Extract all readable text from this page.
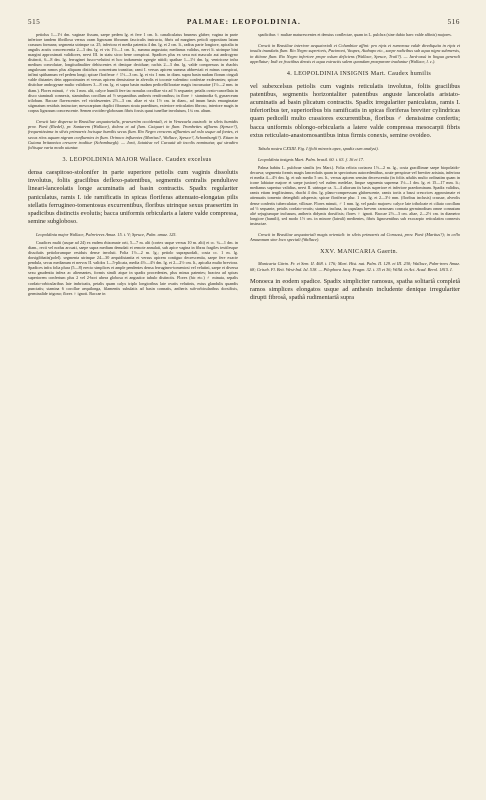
515	PALMAE: LEOPOLDINIA.	516

petiolus 1—1½ dm. vaginae fissum, saepe pedem lg. et fere 1 cm. lt. canaliculatus bruneus glaber; vagina in parte inferiore tandem fibrillosa versus oram lignosam fibrarum fasciculis instructa, fibris ad margines petioli oppositam latum crassum formans; segmenta utrinque ca. 25, inferiora et media patentia 4 dm. lg. et 2 cm. lt., radius parte longiore, apicalia in angulis acutis concrescentia 2—3 dm. lg. et vix 1½—1 cm. lt., summa angustata; medianus validus, nervi lt. utrinque bini margini approximati validiores, nervi III. in statu sicco bene conspicui. Spadices plus ex sexu not masculo aut androgyno distincti, 6—8 dm. lg. ferruginei fusco-velutini et hoc indumento egregie nitidi; spathae 1—1½ dm. lg. ventricose infra medium convolutae, longitudinaliter dehiscentes et denique deciduae; rachis 2—3 dm. lg. valde compressus in rhachis angulosum ramos plus aliquam distichos concentum transitus; rami I. versus apicem summa abbreviati et minus conspicui, infimi spithamum vel pedem longi; spicae floriferae ♂ 1½—3 cm. lg. et vix 1 mm. in diam. supra basin nudam florum cinguli valde distantes dein approximates et versus apicem densissime in alveolis et toconte valentino confertae exdevantes; spicae distichae androgynae multo validiores 3—8 cm. lg. et supra basin nudam pedicellifloratae magis incrassatae (1½—2 mm. in diam.). Flores minuti, ♂ vix 1 mm. alti, calyce humili fere tac nonulas corolliae vix ad ⅓ sequante; petalis ovato-cancellata in disco staminali connexis, staminibus corollam ad ½ sequantibus antheris renifromibus; in flore ♀ staminodia 6, gynaeceum trilobum. Baccae flavescentes vel virideszentes 2½—3 cm. altae et vix 1½ cm. in diam., ad imum basis emarginatae stigmatum residuis instructae; mesocarpium duplici fibrarum strata praeditum, exteriore reticulatim fibroso, interiore magis in corpus lignosum concrescente. Semen ovoideo-globosum fibris fossis quasi tunellae involutum, 1¼ cm. altum.

Crescit late dispersa in Brasiliae aequatorialis, praesertim occidentali, et in Venezuela australi: in silvis humidis prov. Pará (Riedel), pr. Santarem (Wallace), dolens et ad flum. Caiquari in flum. Trombettes affluens (Spruce?), frequentissima in silvis primaeris locisque humilis secus flum. Rio Negro crescens affluentes ad oslo usque ad fontes, et secus ritos aquam nigram confluentes in flum. Orinoco influentes (Martius?, Wallace, Spruce?, Schomburgk?). Etiam in Guiana britannica crescere traditur (Schomburgk). — Jará, Jatatúva vel Curuatá ab incolis nominatur, qui stradiro foliisque varia modo utuntur.

3. LEOPOLDINIA MAJOR Wallace. Caudex excelsus

densa caespitoso-stolonifer in parte superiore petiolis cum vaginis dissolutis involutus, foliis gracilibus deflexo-patentibus, segmentis centralis pendulisve lineari-lanceolatis longe acuminatis ad basin contractis. Spadix regulariter paniculatus, ramis I. ide ramificatis in spicas floriferas attenuato-elongatas pilis stellatis ferrugineo-tomentosus excurrentibus, floribus utrinque sexus praesertim in spadicibus distinctis evolutis; bacca uniformis orbicularis a latere valde compressa, semine subgloboso.

Leopoldinia major Wallace, Palm-trees Amaz. 15. t. V; Spruce, Palm. amaz. 125.

Caudices multi (usque ad 24) ex eadem rhizomate orti, 5—7 m. alti (cortex usque versus 10 m. alti) et cc. ¾—1 dm. in diam., recti vel nodus arcuati, saepe supra medium denudati et remote annulati, sub apice vagina in fibras fragiles textilesque dissolutis petiolorumque residuis dense involuti. Folia 1½—2 m. lg.; petiolo suprapsodali, costa cc. 1 m. lg. dorsigibbatis(polel). segmenta utrinque 24—30 aequidistantia et versus apicem contiguo decrescentia, saepe fere exacte pendula, secus medianum et nervos II. validos 1—5-plicata, media 4½—4½ dm. lg. et 2—2½ cm. lt., apicalia multo breviora. Spadices infra folia plura (5—8) erecto simplices et ample pendentes densa ferrugineo-tomentosi vel velutini, saepe et diversa sexu gaudentia infera ac alternantes, formis simili atque in spadix procedentes, plus minus patentes; bractea ad spicas superiorem confertum plus 2 vel 2-bori ubera globosa et angustior tubulo distinctis. Flores (hic etc.) ♂ minuta, sepalis cordato-orbicularibus late imbricatis, petalis quam calyx triplo longioribus late ovatis velutinis, extus glandulis quandis punctatis; stamina 6 corollae aequilonga, filamentis subulatis ad basin connatis, antheris sub-orbicularibus dorsifixis, germinalide trigono; flores ♀ ignoti. Baccae in

spadicibus ♀ multae maturescentes et densius conflectae, quam in L. pulchra (sine dubio haec valde affinis) majores.

Crescit in Brasiliae interiore aequatoriali et Columbiae affini: pro ripis et rumorosa valde dirediquita in ripis et insulis inundatis flum. Rio Negro superioris, Pacimoni, Vaupes, Atabapo etc., saepe radicibus sub aqua nigra submersis, in ditione flum. Rio Negro inferiore prope oslum deficiens (Wallace, Spruce, Trail?). — Jará-assú in lingua generali appellatur; Indi ex fructibus densis et aqua extractis salem quondam praeparare traduntur (Wallace, l. c.).

4. LEOPOLDINIA INSIGNIS Mart. Caudex humilis

vel subexcelsus petiolis cum vaginis reticulatis involutus, foliis gracilibus patentibus, segmentis horizontaliter patentibus anguste lanceolatis aristato-acuminatis ad basin plicatum contractis. Spadix irregulariter paniculatus, ramis I. inferioribus ter, superioribus bis ramificatis in spicas floriferas breviter cylindricas quam pedicelli multo crassiores excurrentibus, floribus ♂ densissime confertis; bacca uniformis oblongo-orbicularis a latere valde compressa mesocarpii fibris extus reticulato-anastomosantibus intus firmis conexis, semine ovoideo.

Tabula nostra CXXIII. Fig. I (folii minoris apex, spadix cum analysi).

Leopoldinia insignis Mart. Palm. brasil. 60. t. 63. f. 16 et 17.

Palma habitu L. pulchrae similis (ex Mart.). Folia relicta coriacea 1½—2 m. lg., costa gracillimae saepe biopolaido-decurva; segmenta formis magis lanceolatis quam in spectorium autocedentibus, acute perspicue vel breviter aristata, inferiora et media 4—4½ dm. lg. et sub medio 5 cm. lt., versus apicem sensim decrescentia (in foliis adultis multo ordinatim quam in icone labiatae majore et saepe juniore) vel rudem medelae, linque segmenta suprema 1½—1 dm. lg. et 15—17 mm. lt.; medianus supertuo validius, nervi II. utrinque ca. 3—4 aliorum iis basis superiore et inferiore praedominam. Spadix validius, ramis etiam tergilissimus, rhachi 4 dm. lg. plano-compressum glabrescente, ramis tortis a bassi crescrices approximate et attenuatis tomento detergibili adspersis; spicae floriferae plur. 1 cm. lg. et 2—3½ mm. (floribus inclusis) crassae, alveolis dense confertis tuberculatae, villosae. Flores minuti, ♂ 1 mm. lg. vel paulo majores: calyce late triboloate et ciliato corollam ad ⅓ sequante, petalis cordato-ovatis; stamina inclusa, in cupulam brevem carnosam connata germinodium omne connatum alté sejugiumque inclusum, antheris didymis dorsifixis; flores ♀ ignoti. Baccae 2½—3 cm. altae, 2—2½ cm. in diametro longiore (humili), sed modo 1½ cm. in minore (lateali) medientes, fibris lignosentibus sub exocarpio reticulatim connexis instructae.

Crescit in Brasiliae aequatoriali magis orientali: in silvis primaeris ad Corousst, prov. Pará (Martius?); in cello Amazonum sine loco speciali (Wallace).

XXV. MANICARIA Gaertn.

Manicaria Gärtn. Fr. et Sem. II. 468. t. 176; Mart. Hist. nat. Palm. II. 129. et III. 230; Wallace, Palm-trees Amaz. 68; Griseb. Fl. Brit. West-Ind. Isl. 518. — Pilophora Jacq. Fragm. 32. t. 35 et 36; Willd. in Act. Acad. Berol. 1815. I.

Monoeca in eodem spadice. Spadix simpliciter ramosus, spatha solitariâ completâ ramos simplices elongatos usque ad anthesin includente denique irregulariter dirupti fibrosâ, spathâ rudimentariâ supra
